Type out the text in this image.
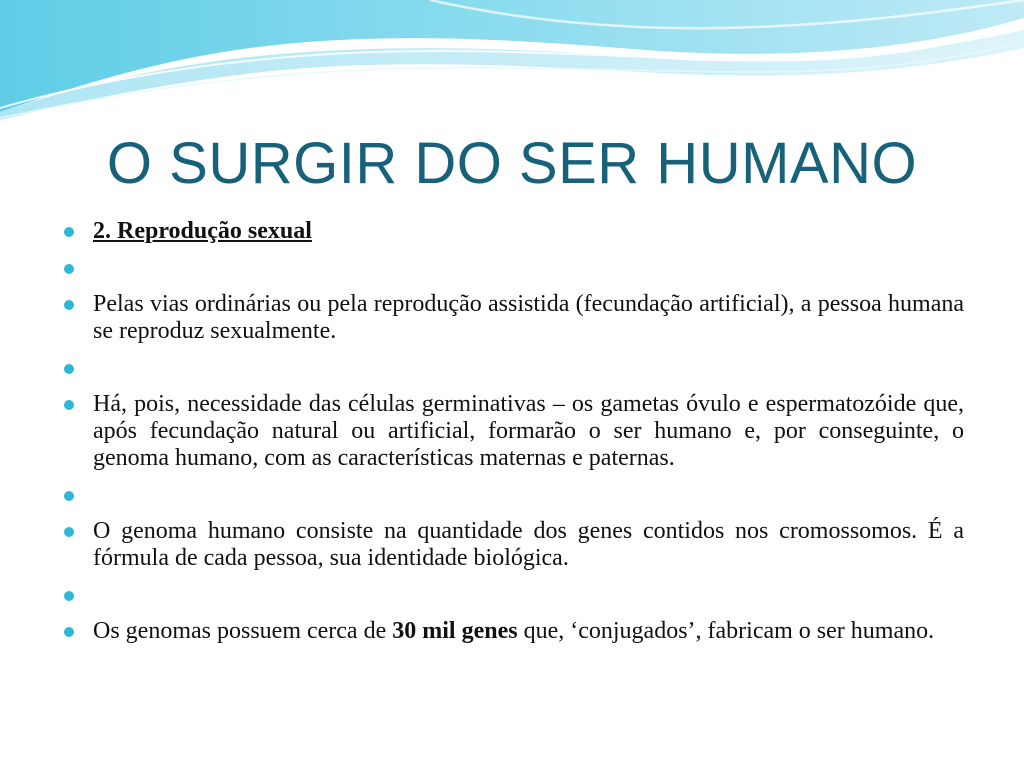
O SURGIR DO SER HUMANO
2. Reprodução sexual
Pelas vias ordinárias ou pela reprodução assistida (fecundação artificial), a pessoa humana se reproduz sexualmente.
Há, pois, necessidade das células germinativas – os gametas óvulo e espermatozóide que, após fecundação natural ou artificial, formarão o ser humano e, por conseguinte, o genoma humano, com as características maternas e paternas.
O genoma humano consiste na quantidade dos genes contidos nos cromossomos. É a fórmula de cada pessoa, sua identidade biológica.
Os genomas possuem cerca de 30 mil genes que, ‘conjugados’, fabricam o ser humano.
